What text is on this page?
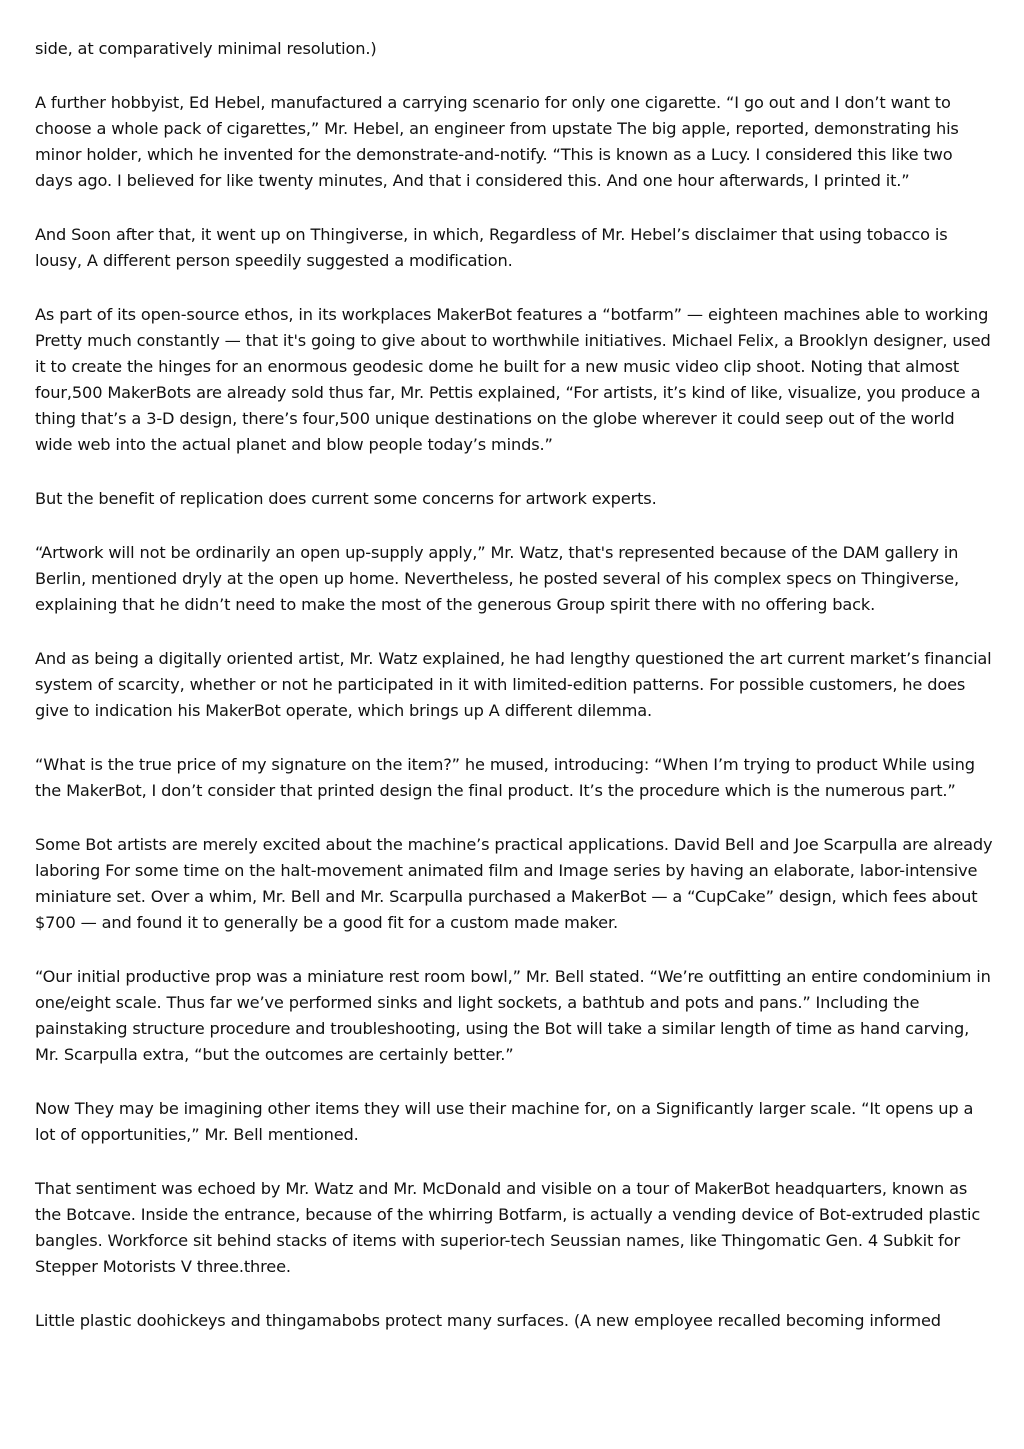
side, at comparatively minimal resolution.)

A further hobbyist, Ed Hebel, manufactured a carrying scenario for only one cigarette. “I go out and I don’t want to choose a whole pack of cigarettes,” Mr. Hebel, an engineer from upstate The big apple, reported, demonstrating his minor holder, which he invented for the demonstrate-and-notify. “This is known as a Lucy. I considered this like two days ago. I believed for like twenty minutes, And that i considered this. And one hour afterwards, I printed it.”

And Soon after that, it went up on Thingiverse, in which, Regardless of Mr. Hebel’s disclaimer that using tobacco is lousy, A different person speedily suggested a modification.

As part of its open-source ethos, in its workplaces MakerBot features a “botfarm” — eighteen machines able to working Pretty much constantly — that it's going to give about to worthwhile initiatives. Michael Felix, a Brooklyn designer, used it to create the hinges for an enormous geodesic dome he built for a new music video clip shoot. Noting that almost four,500 MakerBots are already sold thus far, Mr. Pettis explained, “For artists, it’s kind of like, visualize, you produce a thing that’s a 3-D design, there’s four,500 unique destinations on the globe wherever it could seep out of the world wide web into the actual planet and blow people today’s minds.”

But the benefit of replication does current some concerns for artwork experts.

“Artwork will not be ordinarily an open up-supply apply,” Mr. Watz, that's represented because of the DAM gallery in Berlin, mentioned dryly at the open up home. Nevertheless, he posted several of his complex specs on Thingiverse, explaining that he didn’t need to make the most of the generous Group spirit there with no offering back.

And as being a digitally oriented artist, Mr. Watz explained, he had lengthy questioned the art current market’s financial system of scarcity, whether or not he participated in it with limited-edition patterns. For possible customers, he does give to indication his MakerBot operate, which brings up A different dilemma.

“What is the true price of my signature on the item?” he mused, introducing: “When I’m trying to product While using the MakerBot, I don’t consider that printed design the final product. It’s the procedure which is the numerous part.”

Some Bot artists are merely excited about the machine’s practical applications. David Bell and Joe Scarpulla are already laboring For some time on the halt-movement animated film and Image series by having an elaborate, labor-intensive miniature set. Over a whim, Mr. Bell and Mr. Scarpulla purchased a MakerBot — a “CupCake” design, which fees about $700 — and found it to generally be a good fit for a custom made maker.

“Our initial productive prop was a miniature rest room bowl,” Mr. Bell stated. “We’re outfitting an entire condominium in one/eight scale. Thus far we’ve performed sinks and light sockets, a bathtub and pots and pans.” Including the painstaking structure procedure and troubleshooting, using the Bot will take a similar length of time as hand carving, Mr. Scarpulla extra, “but the outcomes are certainly better.”

Now They may be imagining other items they will use their machine for, on a Significantly larger scale. “It opens up a lot of opportunities,” Mr. Bell mentioned.

That sentiment was echoed by Mr. Watz and Mr. McDonald and visible on a tour of MakerBot headquarters, known as the Botcave. Inside the entrance, because of the whirring Botfarm, is actually a vending device of Bot-extruded plastic bangles. Workforce sit behind stacks of items with superior-tech Seussian names, like Thingomatic Gen. 4 Subkit for Stepper Motorists V three.three.

Little plastic doohickeys and thingamabobs protect many surfaces. (A new employee recalled becoming informed
